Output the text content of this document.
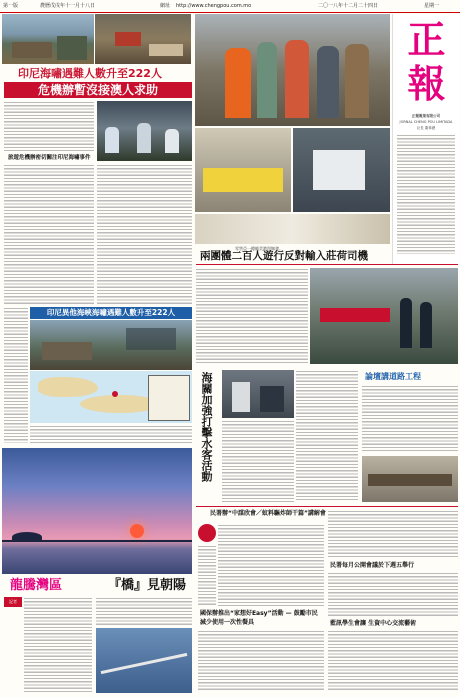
第一版	農曆戊戌年十一月十八日	網址 http://www.chengpou.com.mo	二〇一八年十二月二十四日	星期一
印尼海嘯遇難人數升至222人
危機辦暫沒接澳人求助
旅遊危機辦密切關注印尼海嘯事件
印尼異他海峽海嘯遇難人數升至222人
龍騰灣區	『橋』見朝陽
記者
零售亞一總師美港別無發。
正
報
正報報業有限公司
JORNAL CHENG POU LIMITADA
社長 董事總
兩團體二百人遊行反對輸入莊荷司機
海關加強打擊水客活動	論壇講道路工程
民署辦“中謀欣會／蚊料驅炸師干篇”講解會
國保辦推出“家想好Easy”活動 — 鼓勵市民
減少使用一次性餐具
民署每月公開會議於下週五舉行
藍訊學生會讓 生資中心交流藝術
